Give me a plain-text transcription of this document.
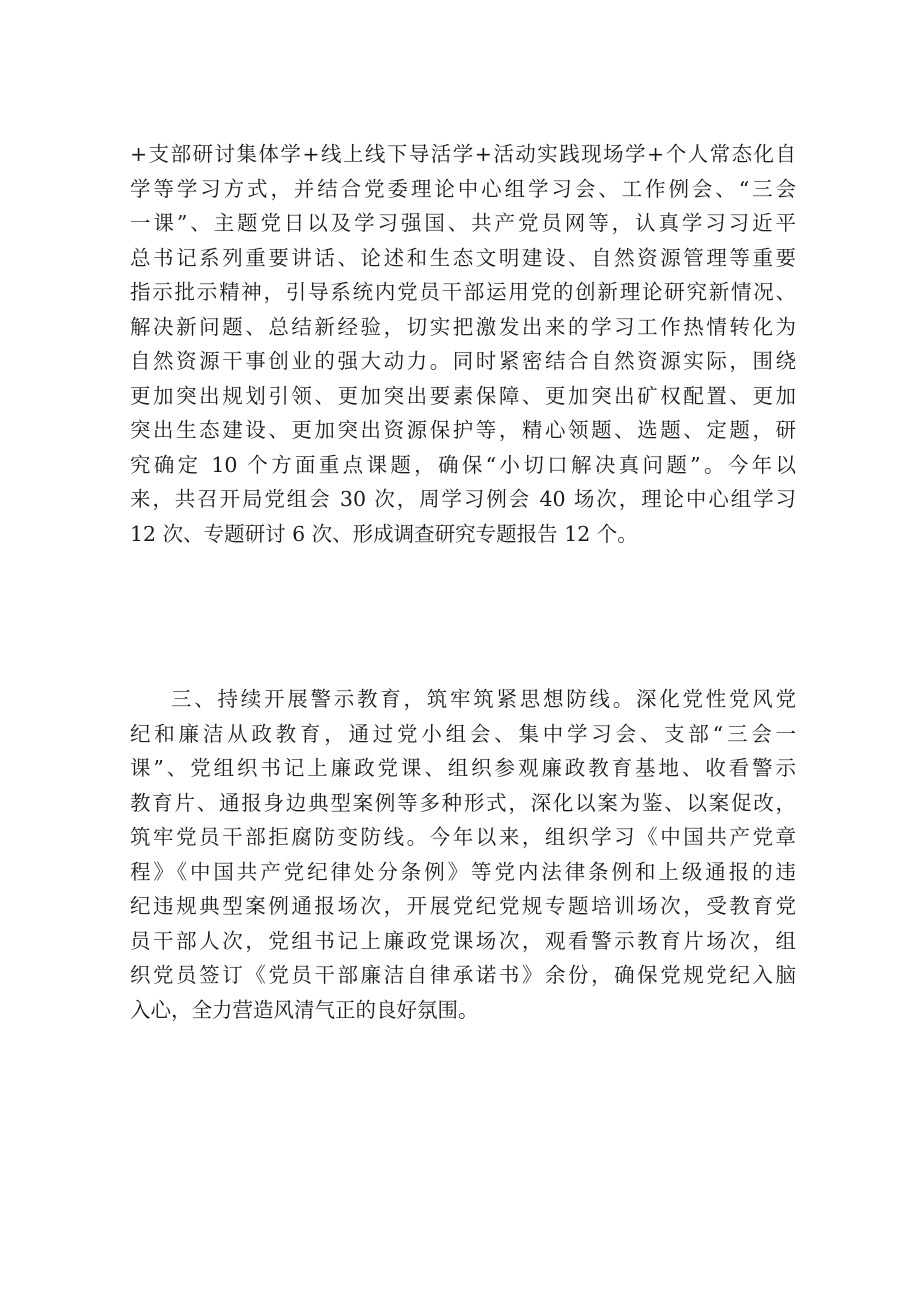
+支部研讨集体学+线上线下导活学+活动实践现场学+个人常态化自
学等学习方式，并结合党委理论中心组学习会、工作例会、“三会
一课”、主题党日以及学习强国、共产党员网等，认真学习习近平
总书记系列重要讲话、论述和生态文明建设、自然资源管理等重要
指示批示精神，引导系统内党员干部运用党的创新理论研究新情况、
解决新问题、总结新经验，切实把激发出来的学习工作热情转化为
自然资源干事创业的强大动力。同时紧密结合自然资源实际，围绕
更加突出规划引领、更加突出要素保障、更加突出矿权配置、更加
突出生态建设、更加突出资源保护等，精心领题、选题、定题，研
究确定 10 个方面重点课题，确保“小切口解决真问题”。今年以
来，共召开局党组会 30 次，周学习例会 40 场次，理论中心组学习
12 次、专题研讨 6 次、形成调查研究专题报告 12 个。
三、持续开展警示教育，筑牢筑紧思想防线。深化党性党风党
纪和廉洁从政教育，通过党小组会、集中学习会、支部“三会一
课”、党组织书记上廉政党课、组织参观廉政教育基地、收看警示
教育片、通报身边典型案例等多种形式，深化以案为鉴、以案促改，
筑牢党员干部拒腐防变防线。今年以来，组织学习《中国共产党章
程》《中国共产党纪律处分条例》等党内法律条例和上级通报的违
纪违规典型案例通报场次，开展党纪党规专题培训场次，受教育党
员干部人次，党组书记上廉政党课场次，观看警示教育片场次，组
织党员签订《党员干部廉洁自律承诺书》余份，确保党规党纪入脑
入心，全力营造风清气正的良好氛围。
